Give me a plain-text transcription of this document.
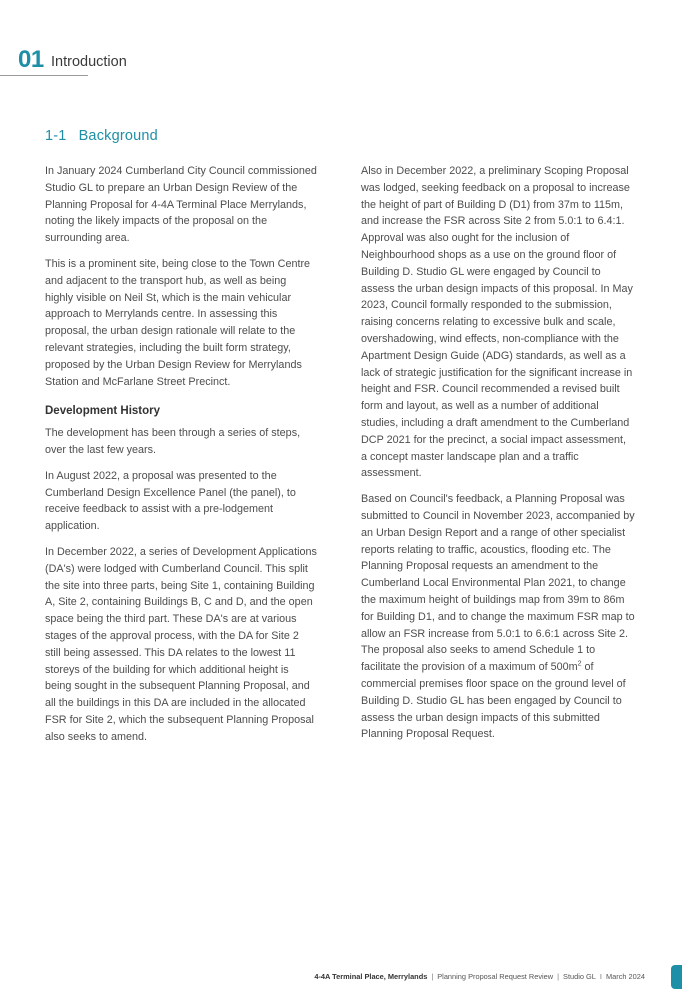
01 Introduction
1-1 Background

In January 2024 Cumberland City Council commissioned Studio GL to prepare an Urban Design Review of the Planning Proposal for 4-4A Terminal Place Merrylands, noting the likely impacts of the proposal on the surrounding area.

This is a prominent site, being close to the Town Centre and adjacent to the transport hub, as well as being highly visible on Neil St, which is the main vehicular approach to Merrylands centre. In assessing this proposal, the urban design rationale will relate to the relevant strategies, including the built form strategy, proposed by the Urban Design Review for Merrylands Station and McFarlane Street Precinct.

Development History

The development has been through a series of steps, over the last few years.

In August 2022, a proposal was presented to the Cumberland Design Excellence Panel (the panel), to receive feedback to assist with a pre-lodgement application.

In December 2022, a series of Development Applications (DA's) were lodged with Cumberland Council. This split the site into three parts, being Site 1, containing Building A, Site 2, containing Buildings B, C and D, and the open space being the third part. These DA's are at various stages of the approval process, with the DA for Site 2 still being assessed. This DA relates to the lowest 11 storeys of the building for which additional height is being sought in the subsequent Planning Proposal, and all the buildings in this DA are included in the allocated FSR for Site 2, which the subsequent Planning Proposal also seeks to amend.

Also in December 2022, a preliminary Scoping Proposal was lodged, seeking feedback on a proposal to increase the height of part of Building D (D1) from 37m to 115m, and increase the FSR across Site 2 from 5.0:1 to 6.4:1. Approval was also ought for the inclusion of Neighbourhood shops as a use on the ground floor of Building D. Studio GL were engaged by Council to assess the urban design impacts of this proposal. In May 2023, Council formally responded to the submission, raising concerns relating to excessive bulk and scale, overshadowing, wind effects, non-compliance with the Apartment Design Guide (ADG) standards, as well as a lack of strategic justification for the significant increase in height and FSR. Council recommended a revised built form and layout, as well as a number of additional studies, including a draft amendment to the Cumberland DCP 2021 for the precinct, a social impact assessment, a concept master landscape plan and a traffic assessment.

Based on Council's feedback, a Planning Proposal was submitted to Council in November 2023, accompanied by an Urban Design Report and a range of other specialist reports relating to traffic, acoustics, flooding etc. The Planning Proposal requests an amendment to the Cumberland Local Environmental Plan 2021, to change the maximum height of buildings map from 39m to 86m for Building D1, and to change the maximum FSR map to allow an FSR increase from 5.0:1 to 6.6:1 across Site 2. The proposal also seeks to amend Schedule 1 to facilitate the provision of a maximum of $500m^2$ of commercial premises floor space on the ground level of Building D. Studio GL has been engaged by Council to assess the urban design impacts of this submitted Planning Proposal Request.

4-4A Terminal Place, Merrylands | Planning Proposal Request Review | Studio GL I March 2024
